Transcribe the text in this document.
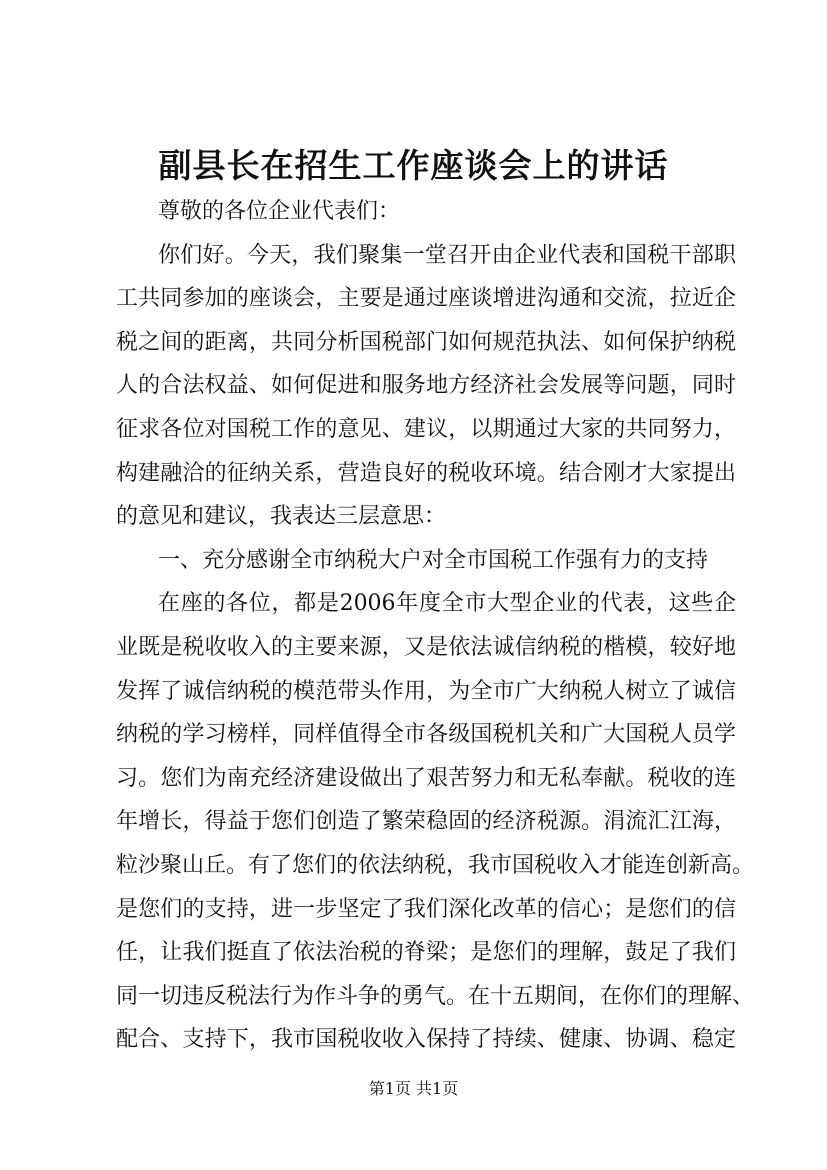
副县长在招生工作座谈会上的讲话
尊敬的各位企业代表们：
你们好。今天，我们聚集一堂召开由企业代表和国税干部职
工共同参加的座谈会，主要是通过座谈增进沟通和交流，拉近企
税之间的距离，共同分析国税部门如何规范执法、如何保护纳税
人的合法权益、如何促进和服务地方经济社会发展等问题，同时
征求各位对国税工作的意见、建议，以期通过大家的共同努力，
构建融洽的征纳关系，营造良好的税收环境。结合刚才大家提出
的意见和建议，我表达三层意思：
一、充分感谢全市纳税大户对全市国税工作强有力的支持
在座的各位，都是2006年度全市大型企业的代表，这些企
业既是税收收入的主要来源，又是依法诚信纳税的楷模，较好地
发挥了诚信纳税的模范带头作用，为全市广大纳税人树立了诚信
纳税的学习榜样，同样值得全市各级国税机关和广大国税人员学
习。您们为南充经济建设做出了艰苦努力和无私奉献。税收的连
年增长，得益于您们创造了繁荣稳固的经济税源。涓流汇江海，
粒沙聚山丘。有了您们的依法纳税，我市国税收入才能连创新高。
是您们的支持，进一步坚定了我们深化改革的信心；是您们的信
任，让我们挺直了依法治税的脊梁；是您们的理解，鼓足了我们
同一切违反税法行为作斗争的勇气。在十五期间，在你们的理解、
配合、支持下，我市国税收收入保持了持续、健康、协调、稳定
第1页 共1页
